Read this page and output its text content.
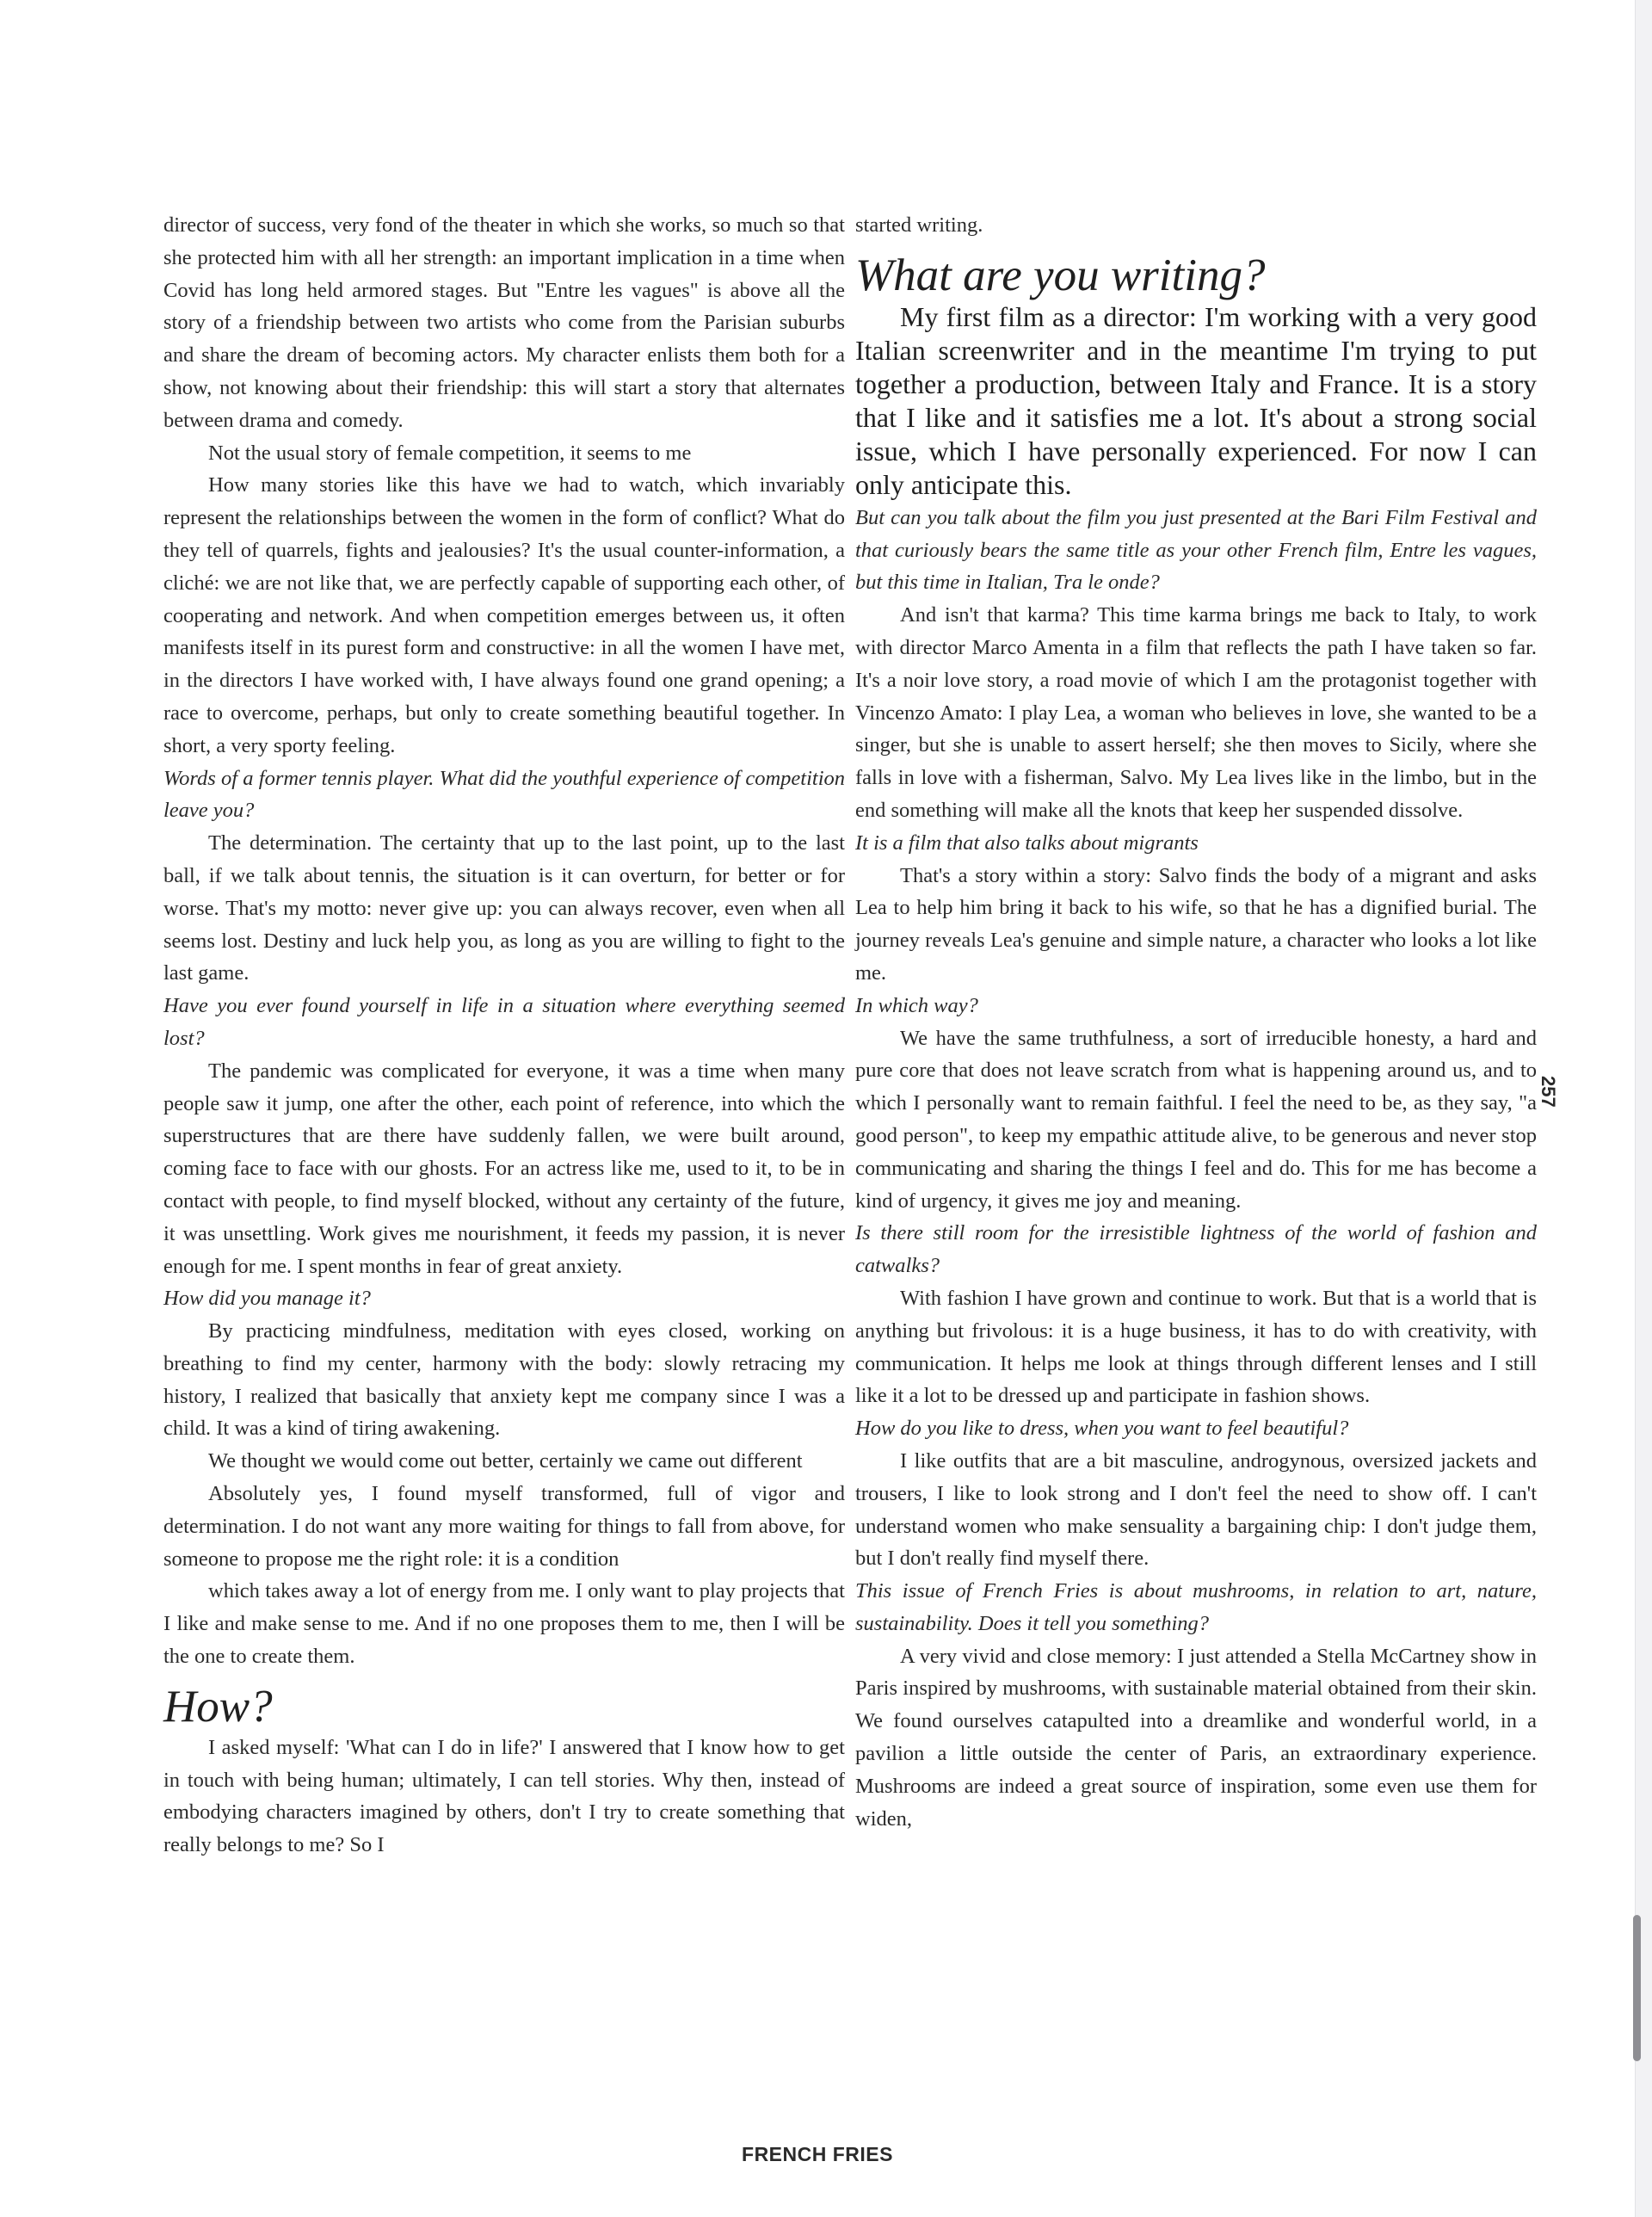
director of success, very fond of the theater in which she works, so much so that she protected him with all her strength: an important implication in a time when Covid has long held armored stages. But "Entre les vagues" is above all the story of a friendship between two artists who come from the Parisian suburbs and share the dream of becoming actors. My character enlists them both for a show, not knowing about their friendship: this will start a story that alternates between drama and comedy.

Not the usual story of female competition, it seems to me

How many stories like this have we had to watch, which invariably represent the relationships between the women in the form of conflict? What do they tell of quarrels, fights and jealousies? It's the usual counter-information, a cliché: we are not like that, we are perfectly capable of supporting each other, of cooperating and network. And when competition emerges between us, it often manifests itself in its purest form and constructive: in all the women I have met, in the directors I have worked with, I have always found one grand opening; a race to overcome, perhaps, but only to create something beautiful together. In short, a very sporty feeling.

Words of a former tennis player. What did the youthful experience of competition leave you?

The determination. The certainty that up to the last point, up to the last ball, if we talk about tennis, the situation is it can overturn, for better or for worse. That's my motto: never give up: you can always recover, even when all seems lost. Destiny and luck help you, as long as you are willing to fight to the last game.

Have you ever found yourself in life in a situation where everything seemed lost?

The pandemic was complicated for everyone, it was a time when many people saw it jump, one after the other, each point of reference, into which the superstructures that are there have suddenly fallen, we were built around, coming face to face with our ghosts. For an actress like me, used to it, to be in contact with people, to find myself blocked, without any certainty of the future, it was unsettling. Work gives me nourishment, it feeds my passion, it is never enough for me. I spent months in fear of great anxiety.

How did you manage it?

By practicing mindfulness, meditation with eyes closed, working on breathing to find my center, harmony with the body: slowly retracing my history, I realized that basically that anxiety kept me company since I was a child. It was a kind of tiring awakening.

We thought we would come out better, certainly we came out different

Absolutely yes, I found myself transformed, full of vigor and determination. I do not want any more waiting for things to fall from above, for someone to propose me the right role: it is a condition

which takes away a lot of energy from me. I only want to play projects that I like and make sense to me. And if no one proposes them to me, then I will be the one to create them.

How?

I asked myself: 'What can I do in life?' I answered that I know how to get in touch with being human; ultimately, I can tell stories. Why then, instead of embodying characters imagined by others, don't I try to create something that really belongs to me? So I

started writing.

What are you writing?

My first film as a director: I'm working with a very good Italian screenwriter and in the meantime I'm trying to put together a production, between Italy and France. It is a story that I like and it satisfies me a lot. It's about a strong social issue, which I have personally experienced. For now I can only anticipate this.

But can you talk about the film you just presented at the Bari Film Festival and that curiously bears the same title as your other French film, Entre les vagues, but this time in Italian, Tra le onde?

And isn't that karma? This time karma brings me back to Italy, to work with director Marco Amenta in a film that reflects the path I have taken so far. It's a noir love story, a road movie of which I am the protagonist together with Vincenzo Amato: I play Lea, a woman who believes in love, she wanted to be a singer, but she is unable to assert herself; she then moves to Sicily, where she falls in love with a fisherman, Salvo. My Lea lives like in the limbo, but in the end something will make all the knots that keep her suspended dissolve.

It is a film that also talks about migrants

That's a story within a story: Salvo finds the body of a migrant and asks Lea to help him bring it back to his wife, so that he has a dignified burial. The journey reveals Lea's genuine and simple nature, a character who looks a lot like me.

In which way?

We have the same truthfulness, a sort of irreducible honesty, a hard and pure core that does not leave scratch from what is happening around us, and to which I personally want to remain faithful. I feel the need to be, as they say, "a good person", to keep my empathic attitude alive, to be generous and never stop communicating and sharing the things I feel and do. This for me has become a kind of urgency, it gives me joy and meaning.

Is there still room for the irresistible lightness of the world of fashion and catwalks?

With fashion I have grown and continue to work. But that is a world that is anything but frivolous: it is a huge business, it has to do with creativity, with communication. It helps me look at things through different lenses and I still like it a lot to be dressed up and participate in fashion shows.

How do you like to dress, when you want to feel beautiful?

I like outfits that are a bit masculine, androgynous, oversized jackets and trousers, I like to look strong and I don't feel the need to show off. I can't understand women who make sensuality a bargaining chip: I don't judge them, but I don't really find myself there.

This issue of French Fries is about mushrooms, in relation to art, nature, sustainability. Does it tell you something?

A very vivid and close memory: I just attended a Stella McCartney show in Paris inspired by mushrooms, with sustainable material obtained from their skin. We found ourselves catapulted into a dreamlike and wonderful world, in a pavilion a little outside the center of Paris, an extraordinary experience. Mushrooms are indeed a great source of inspiration, some even use them for widen,

257
FRENCH FRIES
